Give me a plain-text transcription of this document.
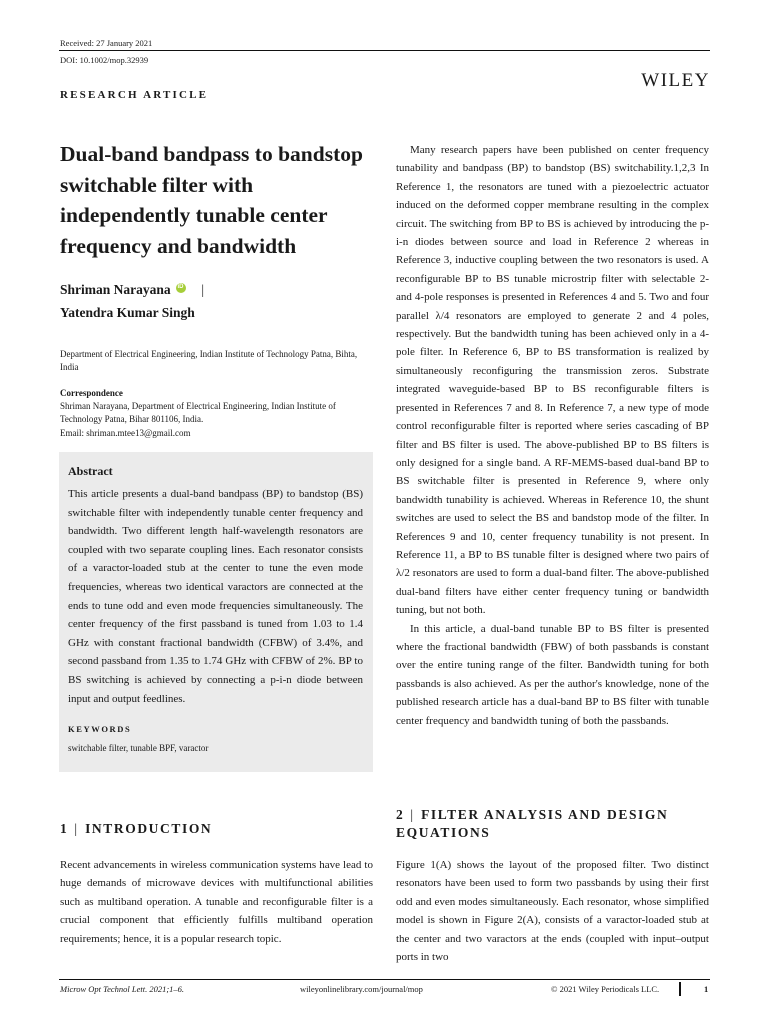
Received: 27 January 2021
DOI: 10.1002/mop.32939
WILEY
RESEARCH ARTICLE
Dual-band bandpass to bandstop switchable filter with independently tunable center frequency and bandwidth
Shriman Narayana iD |
Yatendra Kumar Singh
Department of Electrical Engineering, Indian Institute of Technology Patna, Bihta, India
Correspondence
Shriman Narayana, Department of Electrical Engineering, Indian Institute of Technology Patna, Bihar 801106, India.
Email: shriman.mtee13@gmail.com
Abstract
This article presents a dual-band bandpass (BP) to bandstop (BS) switchable filter with independently tunable center frequency and bandwidth. Two different length half-wavelength resonators are coupled with two separate coupling lines. Each resonator consists of a varactor-loaded stub at the center to tune the even mode frequencies, whereas two identical varactors are connected at the ends to tune odd and even mode frequencies simultaneously. The center frequency of the first passband is tuned from 1.03 to 1.4 GHz with constant fractional bandwidth (CFBW) of 3.4%, and second passband from 1.35 to 1.74 GHz with CFBW of 2%. BP to BS switching is achieved by connecting a p-i-n diode between input and output feedlines.
KEYWORDS
switchable filter, tunable BPF, varactor
1 | INTRODUCTION

Recent advancements in wireless communication systems have lead to huge demands of microwave devices with multifunctional abilities such as multiband operation. A tunable and reconfigurable filter is a crucial component that efficiently fulfills multiband operation requirements; hence, it is a popular research topic.

Many research papers have been published on center frequency tunability and bandpass (BP) to bandstop (BS) switchability.1,2,3 In Reference 1, the resonators are tuned with a piezoelectric actuator induced on the deformed copper membrane resulting in the complex circuit. The switching from BP to BS is achieved by introducing the p-i-n diodes between source and load in Reference 2 whereas in Reference 3, inductive coupling between the two resonators is used. A reconfigurable BP to BS tunable microstrip filter with selectable 2- and 4-pole responses is presented in References 4 and 5. Two and four parallel λ/4 resonators are employed to generate 2 and 4 poles, respectively. But the bandwidth tuning has been achieved only in a 4-pole filter. In Reference 6, BP to BS transformation is realized by simultaneously reconfiguring the transmission zeros. Substrate integrated waveguide-based BP to BS reconfigurable filters is presented in References 7 and 8. In Reference 7, a new type of mode control reconfigurable filter is reported where series cascading of BP filter and BS filter is used. The above-published BP to BS filters is only designed for a single band. A RF-MEMS-based dual-band BP to BS switchable filter is presented in Reference 9, where only bandwidth tunability is achieved. Whereas in Reference 10, the shunt switches are used to select the BS and bandstop mode of the filter. In References 9 and 10, center frequency tunability is not present. In Reference 11, a BP to BS tunable filter is designed where two pairs of λ/2 resonators are used to form a dual-band filter. The above-published dual-band filters have either center frequency tuning or bandwidth tuning, but not both.

In this article, a dual-band tunable BP to BS filter is presented where the fractional bandwidth (FBW) of both passbands is constant over the entire tuning range of the filter. Bandwidth tuning for both passbands is also achieved. As per the author's knowledge, none of the published research article has a dual-band BP to BS filter with tunable center frequency and bandwidth tuning of both the passbands.

2 | FILTER ANALYSIS AND DESIGN EQUATIONS

Figure 1(A) shows the layout of the proposed filter. Two distinct resonators have been used to form two passbands by using their first odd and even modes simultaneously. Each resonator, whose simplified model is shown in Figure 2(A), consists of a varactor-loaded stub at the center and two varactors at the ends (coupled with input–output ports in two

Microw Opt Technol Lett. 2021;1–6.	wileyonlinelibrary.com/journal/mop	© 2021 Wiley Periodicals LLC.	1
